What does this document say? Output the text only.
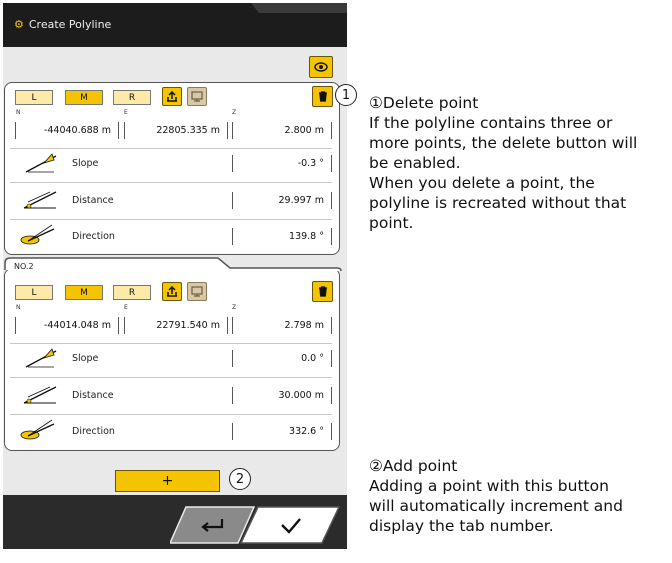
⚙ Create Polyline
L	M	R
N	E	Z
-44040.688 m	22805.335 m	2.800 m
Slope	-0.3 °
Distance	29.997 m
Direction	139.8 °
NO.2
L	M	R
N	E	Z
-44014.048 m	22791.540 m	2.798 m
Slope	0.0 °
Distance	30.000 m
Direction	332.6 °
+
1
2
①Delete point
If the polyline contains three or
more points, the delete button will
be enabled.
When you delete a point, the
polyline is recreated without that
point.
②Add point
Adding a point with this button
will automatically increment and
display the tab number.
